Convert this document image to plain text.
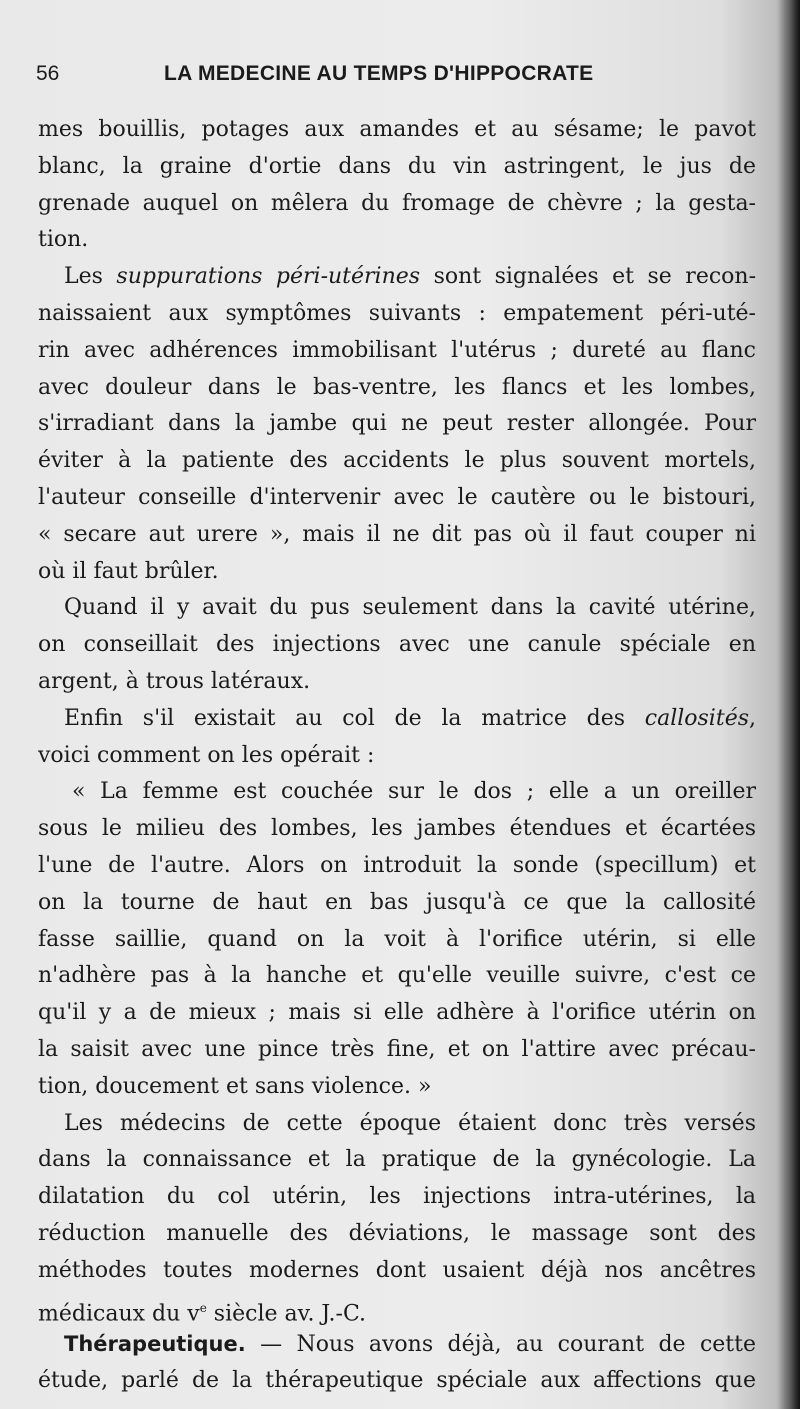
56	LA MEDECINE AU TEMPS D'HIPPOCRATE
mes bouillis, potages aux amandes et au sésame; le pavot
blanc, la graine d'ortie dans du vin astringent, le jus de
grenade auquel on mêlera du fromage de chèvre ; la gesta-
tion.
Les suppurations péri-utérines sont signalées et se recon-
naissaient aux symptômes suivants : empatement péri-uté-
rin avec adhérences immobilisant l'utérus ; dureté au flanc
avec douleur dans le bas-ventre, les flancs et les lombes,
s'irradiant dans la jambe qui ne peut rester allongée. Pour
éviter à la patiente des accidents le plus souvent mortels,
l'auteur conseille d'intervenir avec le cautère ou le bistouri,
« secare aut urere », mais il ne dit pas où il faut couper ni
où il faut brûler.
Quand il y avait du pus seulement dans la cavité utérine,
on conseillait des injections avec une canule spéciale en
argent, à trous latéraux.
Enfin s'il existait au col de la matrice des callosités,
voici comment on les opérait :
« La femme est couchée sur le dos ; elle a un oreiller
sous le milieu des lombes, les jambes étendues et écartées
l'une de l'autre. Alors on introduit la sonde (specillum) et
on la tourne de haut en bas jusqu'à ce que la callosité
fasse saillie, quand on la voit à l'orifice utérin, si elle
n'adhère pas à la hanche et qu'elle veuille suivre, c'est ce
qu'il y a de mieux ; mais si elle adhère à l'orifice utérin on
la saisit avec une pince très fine, et on l'attire avec précau-
tion, doucement et sans violence. »
Les médecins de cette époque étaient donc très versés
dans la connaissance et la pratique de la gynécologie. La
dilatation du col utérin, les injections intra-utérines, la
réduction manuelle des déviations, le massage sont des
méthodes toutes modernes dont usaient déjà nos ancêtres
médicaux du $v^e$ siècle av. J.-C.
Thérapeutique. — Nous avons déjà, au courant de cette
étude, parlé de la thérapeutique spéciale aux affections que
